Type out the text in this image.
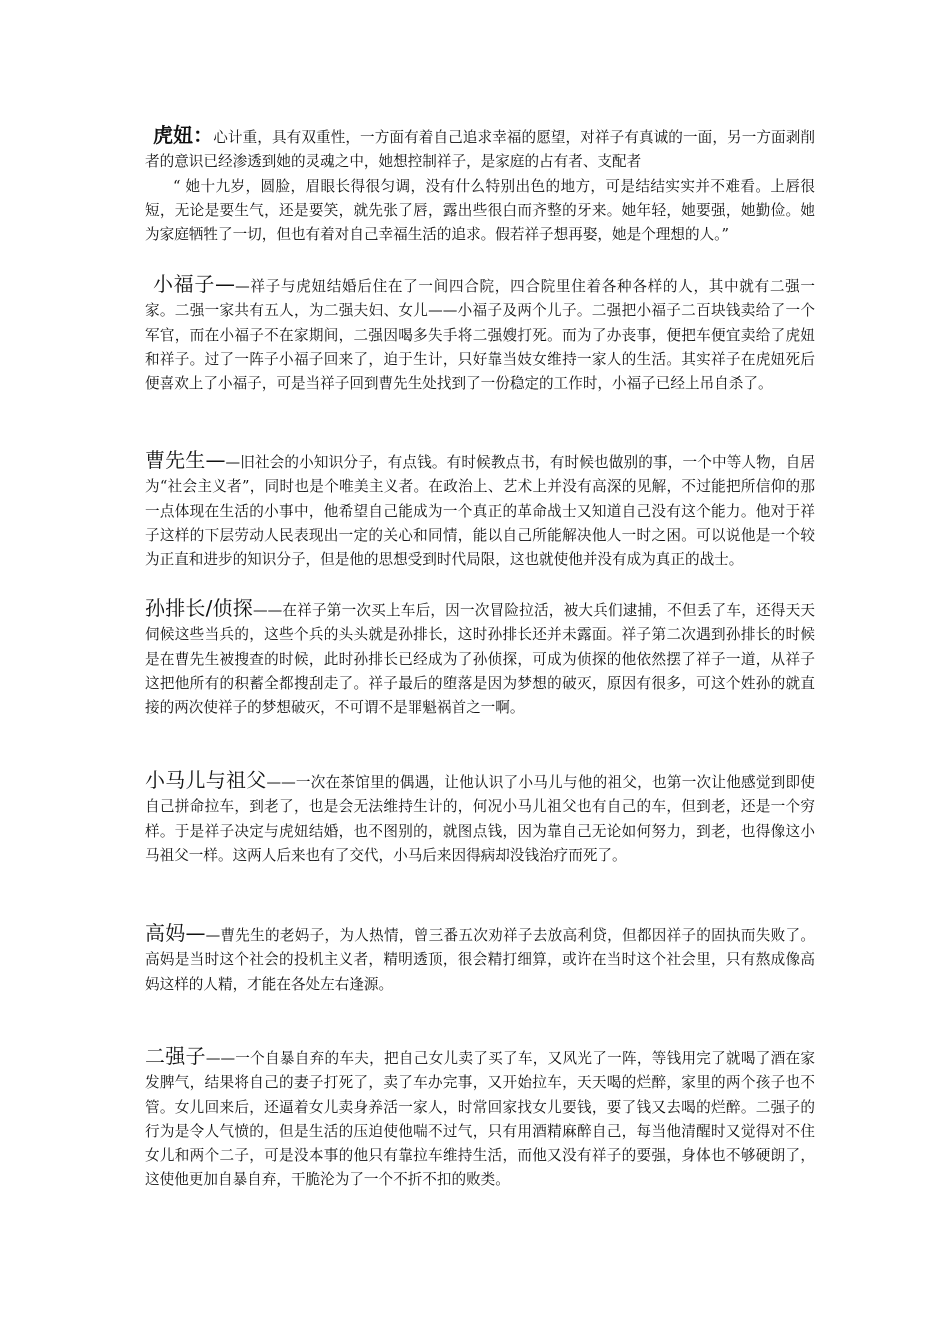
虎妞：心计重，具有双重性，一方面有着自己追求幸福的愿望，对祥子有真诚的一面，另一方面剥削者的意识已经渗透到她的灵魂之中，她想控制祥子，是家庭的占有者、支配者

“ 她十九岁，圆脸，眉眼长得很匀调，没有什么特别出色的地方，可是结结实实并不难看。上唇很短，无论是要生气，还是要笑，就先张了唇，露出些很白而齐整的牙来。她年轻，她要强，她勤俭。她为家庭牺牲了一切，但也有着对自己幸福生活的追求。假若祥子想再娶，她是个理想的人。”

小福子——祥子与虎妞结婚后住在了一间四合院，四合院里住着各种各样的人，其中就有二强一家。二强一家共有五人，为二强夫妇、女儿——小福子及两个儿子。二强把小福子二百块钱卖给了一个军官，而在小福子不在家期间，二强因喝多失手将二强嫂打死。而为了办丧事，便把车便宜卖给了虎妞和祥子。过了一阵子小福子回来了，迫于生计，只好靠当妓女维持一家人的生活。其实祥子在虎妞死后便喜欢上了小福子，可是当祥子回到曹先生处找到了一份稳定的工作时，小福子已经上吊自杀了。

曹先生——旧社会的小知识分子，有点钱。有时候教点书，有时候也做别的事，一个中等人物，自居为“社会主义者”，同时也是个唯美主义者。在政治上、艺术上并没有高深的见解，不过能把所信仰的那一点体现在生活的小事中，他希望自己能成为一个真正的革命战士又知道自己没有这个能力。他对于祥子这样的下层劳动人民表现出一定的关心和同情，能以自己所能解决他人一时之困。可以说他是一个较为正直和进步的知识分子，但是他的思想受到时代局限，这也就使他并没有成为真正的战士。

孙排长/侦探——在祥子第一次买上车后，因一次冒险拉活，被大兵们逮捕，不但丢了车，还得天天伺候这些当兵的，这些个兵的头头就是孙排长，这时孙排长还并未露面。祥子第二次遇到孙排长的时候是在曹先生被搜查的时候，此时孙排长已经成为了孙侦探，可成为侦探的他依然摆了祥子一道，从祥子这把他所有的积蓄全都搜刮走了。祥子最后的堕落是因为梦想的破灭，原因有很多，可这个姓孙的就直接的两次使祥子的梦想破灭，不可谓不是罪魁祸首之一啊。

小马儿与祖父——一次在茶馆里的偶遇，让他认识了小马儿与他的祖父，也第一次让他感觉到即使自己拼命拉车，到老了，也是会无法维持生计的，何况小马儿祖父也有自己的车，但到老，还是一个穷样。于是祥子决定与虎妞结婚，也不图别的，就图点钱，因为靠自己无论如何努力，到老，也得像这小马祖父一样。这两人后来也有了交代，小马后来因得病却没钱治疗而死了。

高妈——曹先生的老妈子，为人热情，曾三番五次劝祥子去放高利贷，但都因祥子的固执而失败了。高妈是当时这个社会的投机主义者，精明透顶，很会精打细算，或许在当时这个社会里，只有熬成像高妈这样的人精，才能在各处左右逢源。

二强子——一个自暴自弃的车夫，把自己女儿卖了买了车，又风光了一阵，等钱用完了就喝了酒在家发脾气，结果将自己的妻子打死了，卖了车办完事，又开始拉车，天天喝的烂醉，家里的两个孩子也不管。女儿回来后，还逼着女儿卖身养活一家人，时常回家找女儿要钱，要了钱又去喝的烂醉。二强子的行为是令人气愤的，但是生活的压迫使他喘不过气，只有用酒精麻醉自己，每当他清醒时又觉得对不住女儿和两个二子，可是没本事的他只有靠拉车维持生活，而他又没有祥子的要强，身体也不够硬朗了，这使他更加自暴自弃，干脆沦为了一个不折不扣的败类。
